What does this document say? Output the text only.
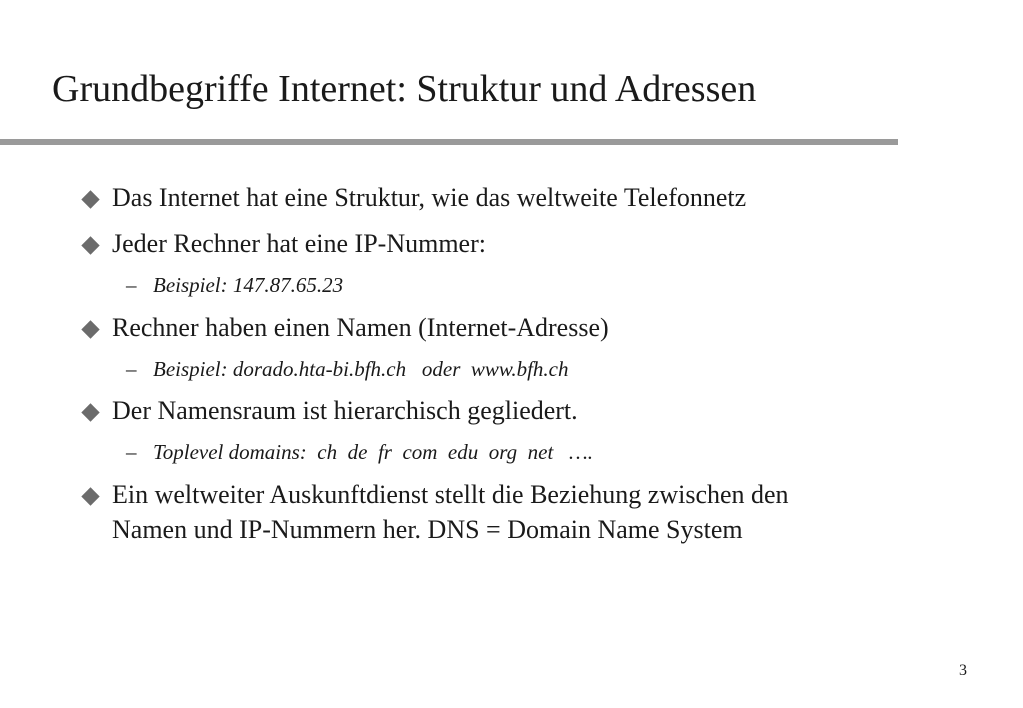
Grundbegriffe Internet: Struktur und Adressen
Das Internet hat eine Struktur, wie das weltweite Telefonnetz
Jeder Rechner hat eine IP-Nummer:
– Beispiel: 147.87.65.23
Rechner haben einen Namen (Internet-Adresse)
– Beispiel: dorado.hta-bi.bfh.ch   oder  www.bfh.ch
Der Namensraum ist hierarchisch gegliedert.
– Toplevel domains:  ch  de  fr  com  edu  org  net   ….
Ein weltweiter Auskunftdienst stellt die Beziehung zwischen den
Namen und IP-Nummern her. DNS = Domain Name System
3
